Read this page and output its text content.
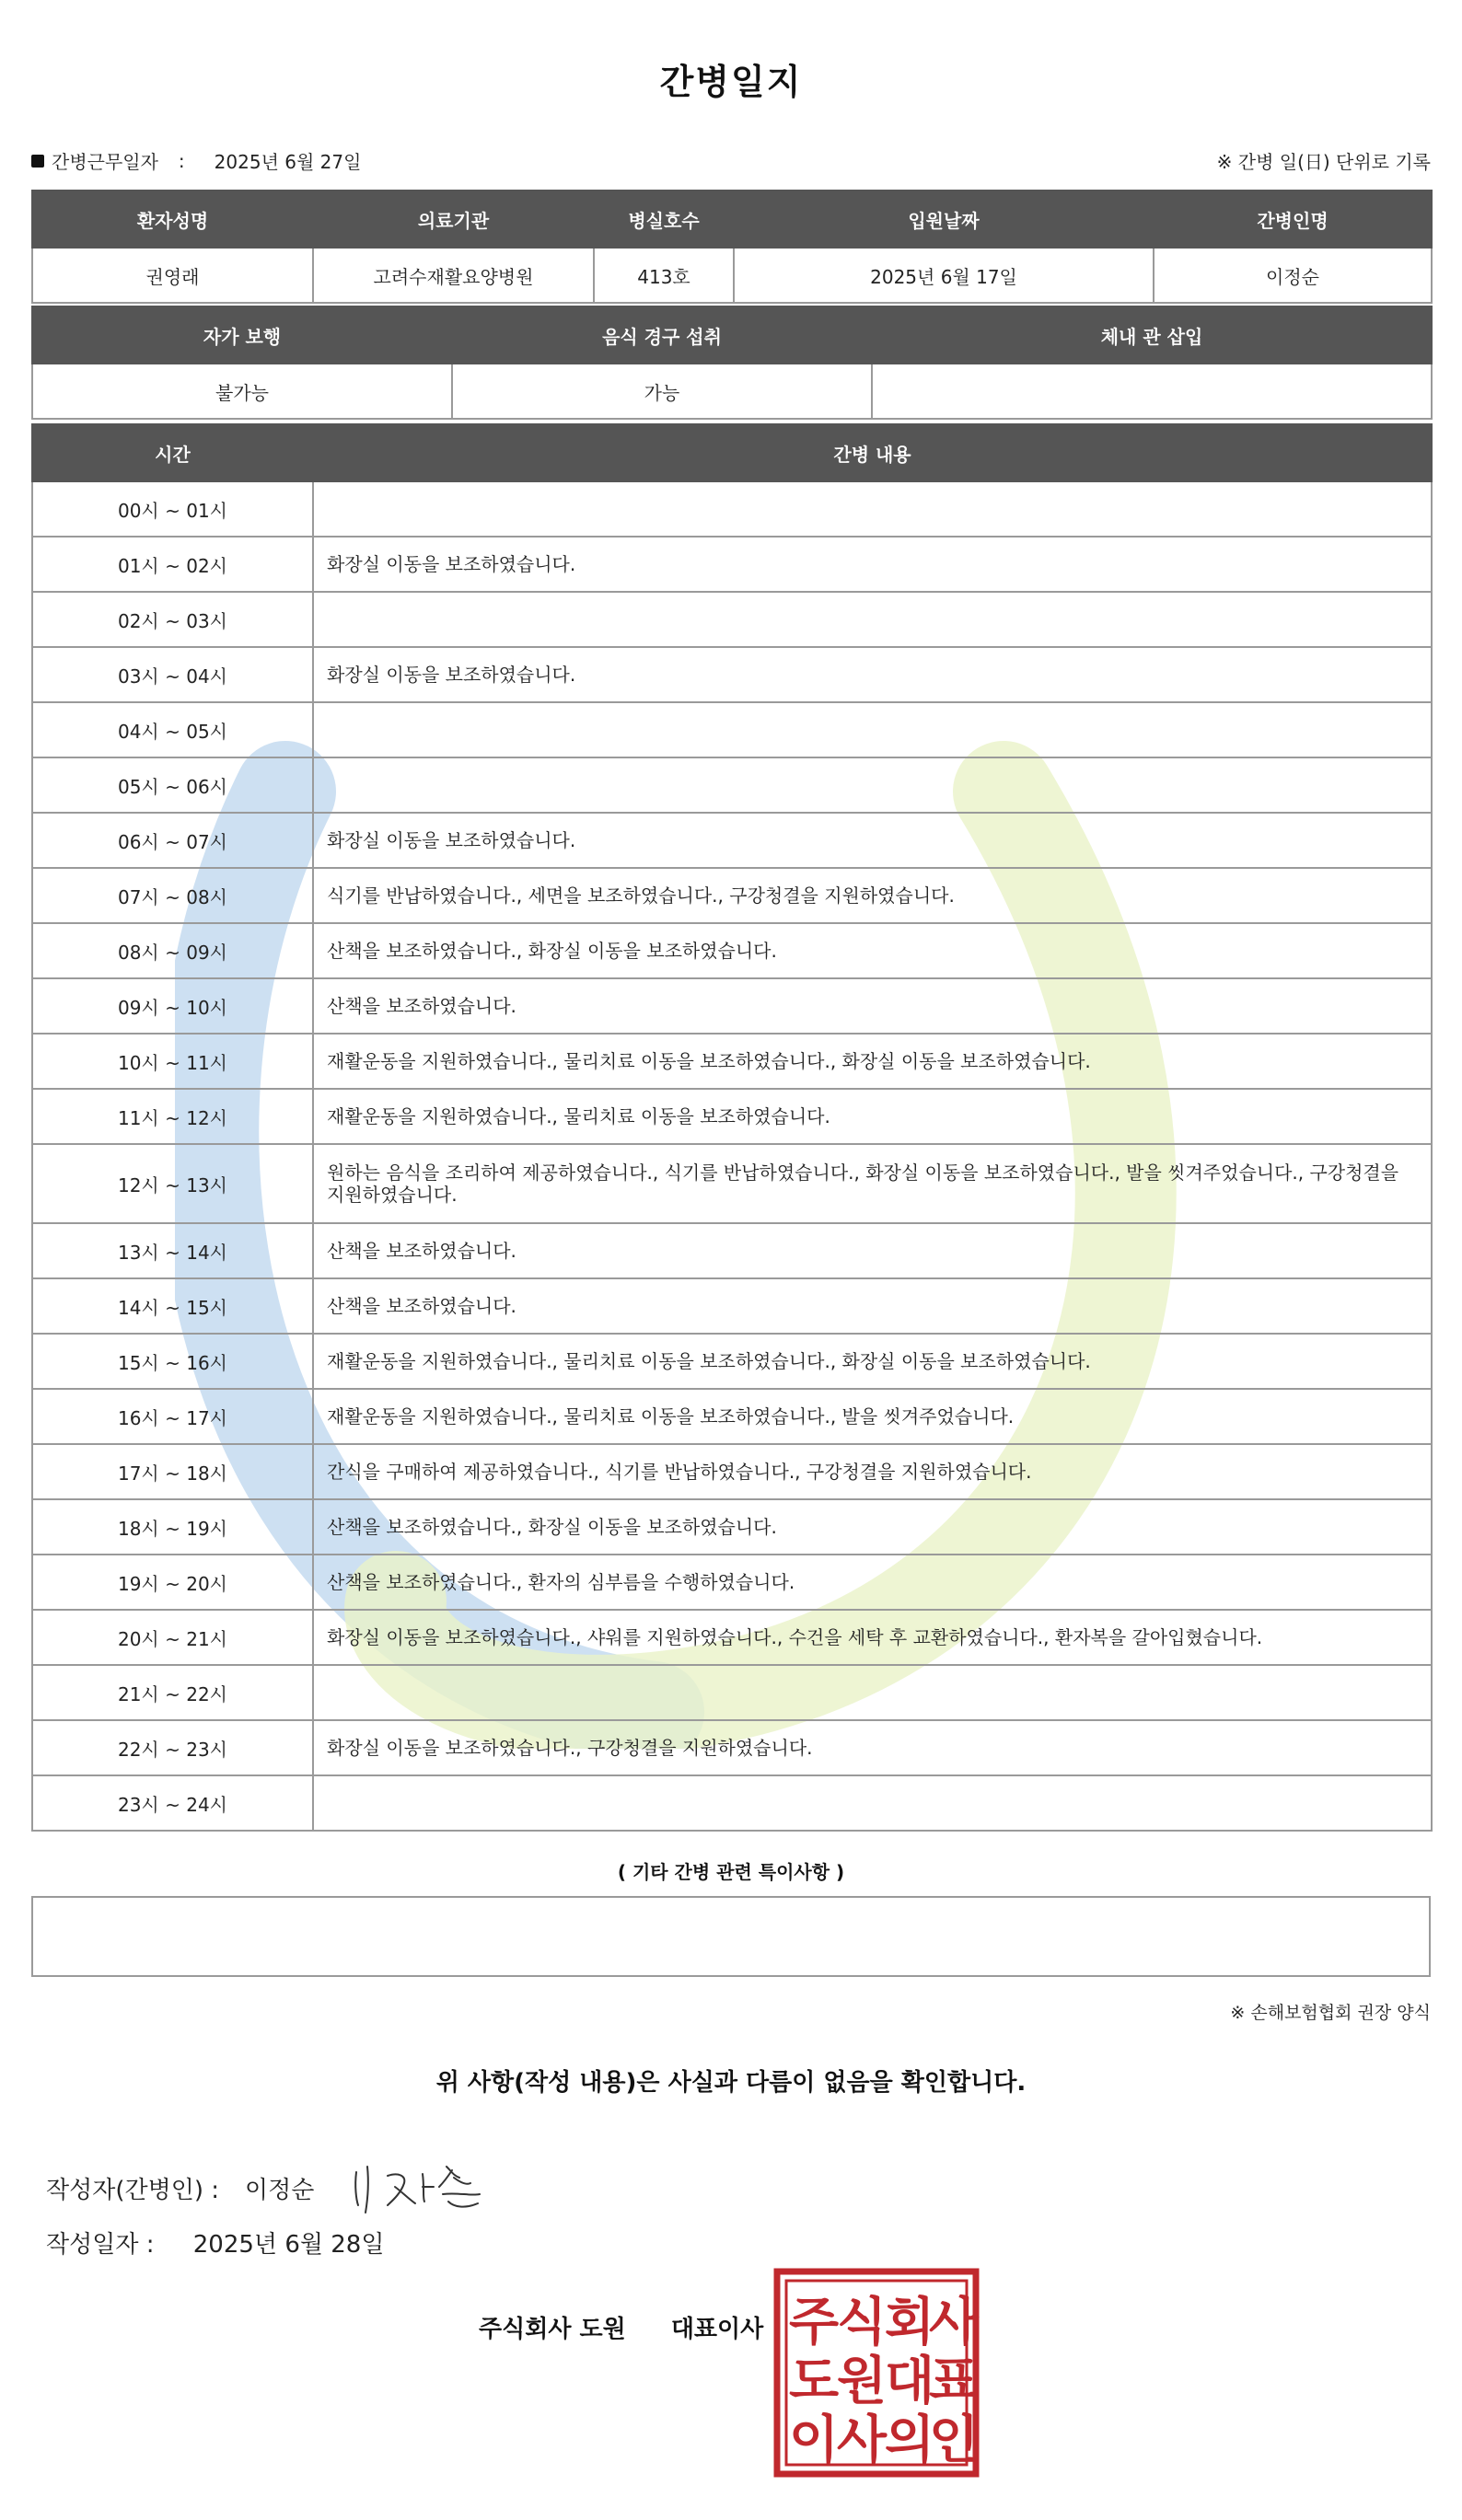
간병일지
간병근무일자 : 2025년 6월 27일	※ 간병 일(日) 단위로 기록
환자성명	의료기관	병실호수	입원날짜	간병인명
권영래	고려수재활요양병원	413호	2025년 6월 17일	이정순
자가 보행	음식 경구 섭취	체내 관 삽입
불가능	가능	
시간	간병 내용
00시 ~ 01시	
01시 ~ 02시	화장실 이동을 보조하였습니다.
02시 ~ 03시	
03시 ~ 04시	화장실 이동을 보조하였습니다.
04시 ~ 05시	
05시 ~ 06시	
06시 ~ 07시	화장실 이동을 보조하였습니다.
07시 ~ 08시	식기를 반납하였습니다., 세면을 보조하였습니다., 구강청결을 지원하였습니다.
08시 ~ 09시	산책을 보조하였습니다., 화장실 이동을 보조하였습니다.
09시 ~ 10시	산책을 보조하였습니다.
10시 ~ 11시	재활운동을 지원하였습니다., 물리치료 이동을 보조하였습니다., 화장실 이동을 보조하였습니다.
11시 ~ 12시	재활운동을 지원하였습니다., 물리치료 이동을 보조하였습니다.
12시 ~ 13시	원하는 음식을 조리하여 제공하였습니다., 식기를 반납하였습니다., 화장실 이동을 보조하였습니다., 발을 씻겨주었습니다., 구강청결을 지원하였습니다.
13시 ~ 14시	산책을 보조하였습니다.
14시 ~ 15시	산책을 보조하였습니다.
15시 ~ 16시	재활운동을 지원하였습니다., 물리치료 이동을 보조하였습니다., 화장실 이동을 보조하였습니다.
16시 ~ 17시	재활운동을 지원하였습니다., 물리치료 이동을 보조하였습니다., 발을 씻겨주었습니다.
17시 ~ 18시	간식을 구매하여 제공하였습니다., 식기를 반납하였습니다., 구강청결을 지원하였습니다.
18시 ~ 19시	산책을 보조하였습니다., 화장실 이동을 보조하였습니다.
19시 ~ 20시	산책을 보조하였습니다., 환자의 심부름을 수행하였습니다.
20시 ~ 21시	화장실 이동을 보조하였습니다., 샤워를 지원하였습니다., 수건을 세탁 후 교환하였습니다., 환자복을 갈아입혔습니다.
21시 ~ 22시	
22시 ~ 23시	화장실 이동을 보조하였습니다., 구강청결을 지원하였습니다.
23시 ~ 24시	
( 기타 간병 관련 특이사항 )
※ 손해보험협회 권장 양식
위 사항(작성 내용)은 사실과 다름이 없음을 확인합니다.
작성자(간병인) : 이정순
작성일자 : 2025년 6월 28일
주식회사 도원 대표이사 주
식
회
사
도
원
대
표
이
사
의
인
